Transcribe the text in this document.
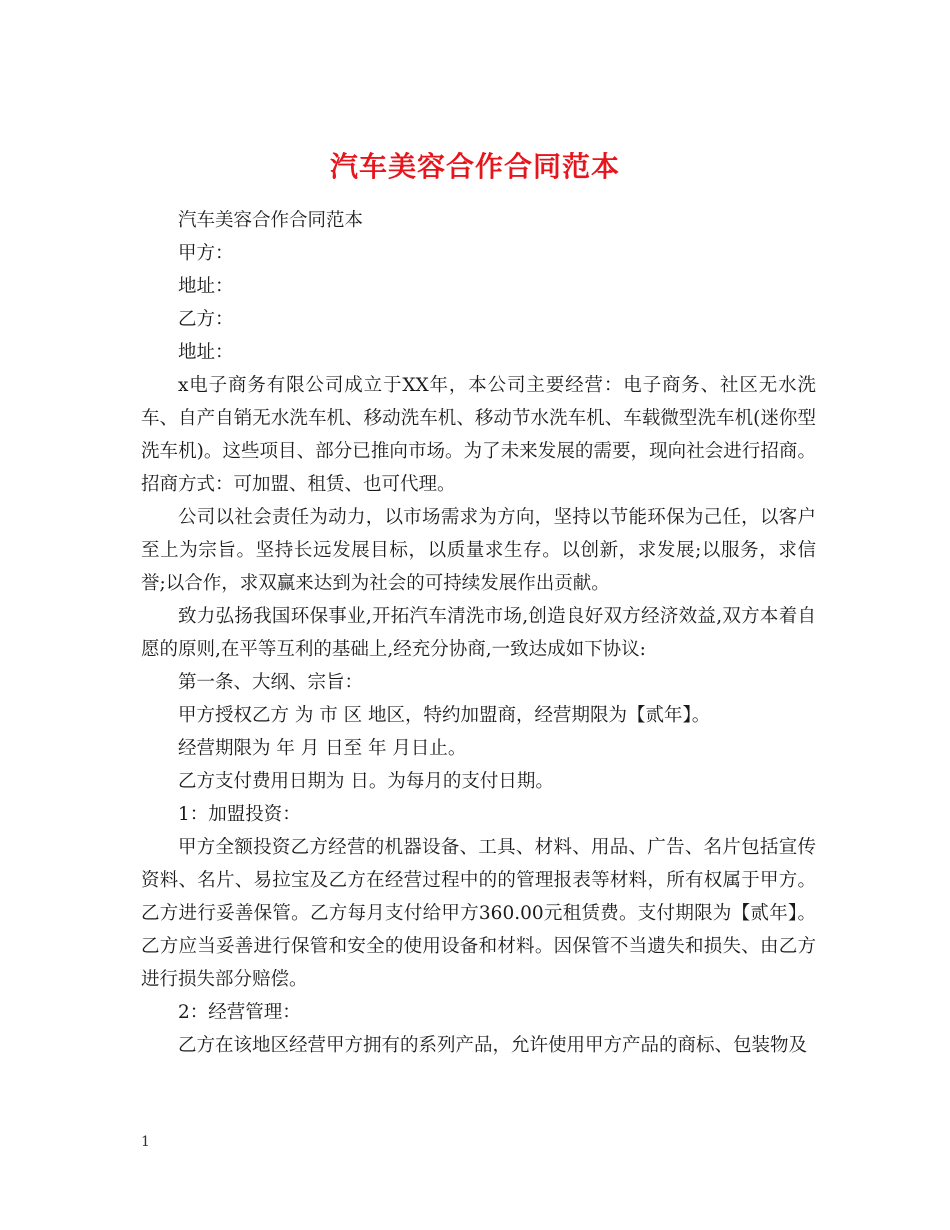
汽车美容合作合同范本

汽车美容合作合同范本

甲方：

地址：

乙方：

地址：

x电子商务有限公司成立于XX年，本公司主要经营：电子商务、社区无水洗车、自产自销无水洗车机、移动洗车机、移动节水洗车机、车载微型洗车机(迷你型洗车机)。这些项目、部分已推向市场。为了未来发展的需要，现向社会进行招商。招商方式：可加盟、租赁、也可代理。

公司以社会责任为动力，以市场需求为方向，坚持以节能环保为己任，以客户至上为宗旨。坚持长远发展目标，以质量求生存。以创新，求发展;以服务，求信誉;以合作，求双赢来达到为社会的可持续发展作出贡献。

致力弘扬我国环保事业,开拓汽车清洗市场,创造良好双方经济效益,双方本着自愿的原则,在平等互利的基础上,经充分协商,一致达成如下协议:

第一条、大纲、宗旨：

甲方授权乙方 为 市 区 地区，特约加盟商，经营期限为【贰年】。

经营期限为 年 月 日至 年 月日止。

乙方支付费用日期为 日。为每月的支付日期。

1：加盟投资：

甲方全额投资乙方经营的机器设备、工具、材料、用品、广告、名片包括宣传资料、名片、易拉宝及乙方在经营过程中的的管理报表等材料，所有权属于甲方。乙方进行妥善保管。乙方每月支付给甲方360.00元租赁费。支付期限为【贰年】。乙方应当妥善进行保管和安全的使用设备和材料。因保管不当遗失和损失、由乙方进行损失部分赔偿。

2：经营管理：

乙方在该地区经营甲方拥有的系列产品，允许使用甲方产品的商标、包装物及

1
